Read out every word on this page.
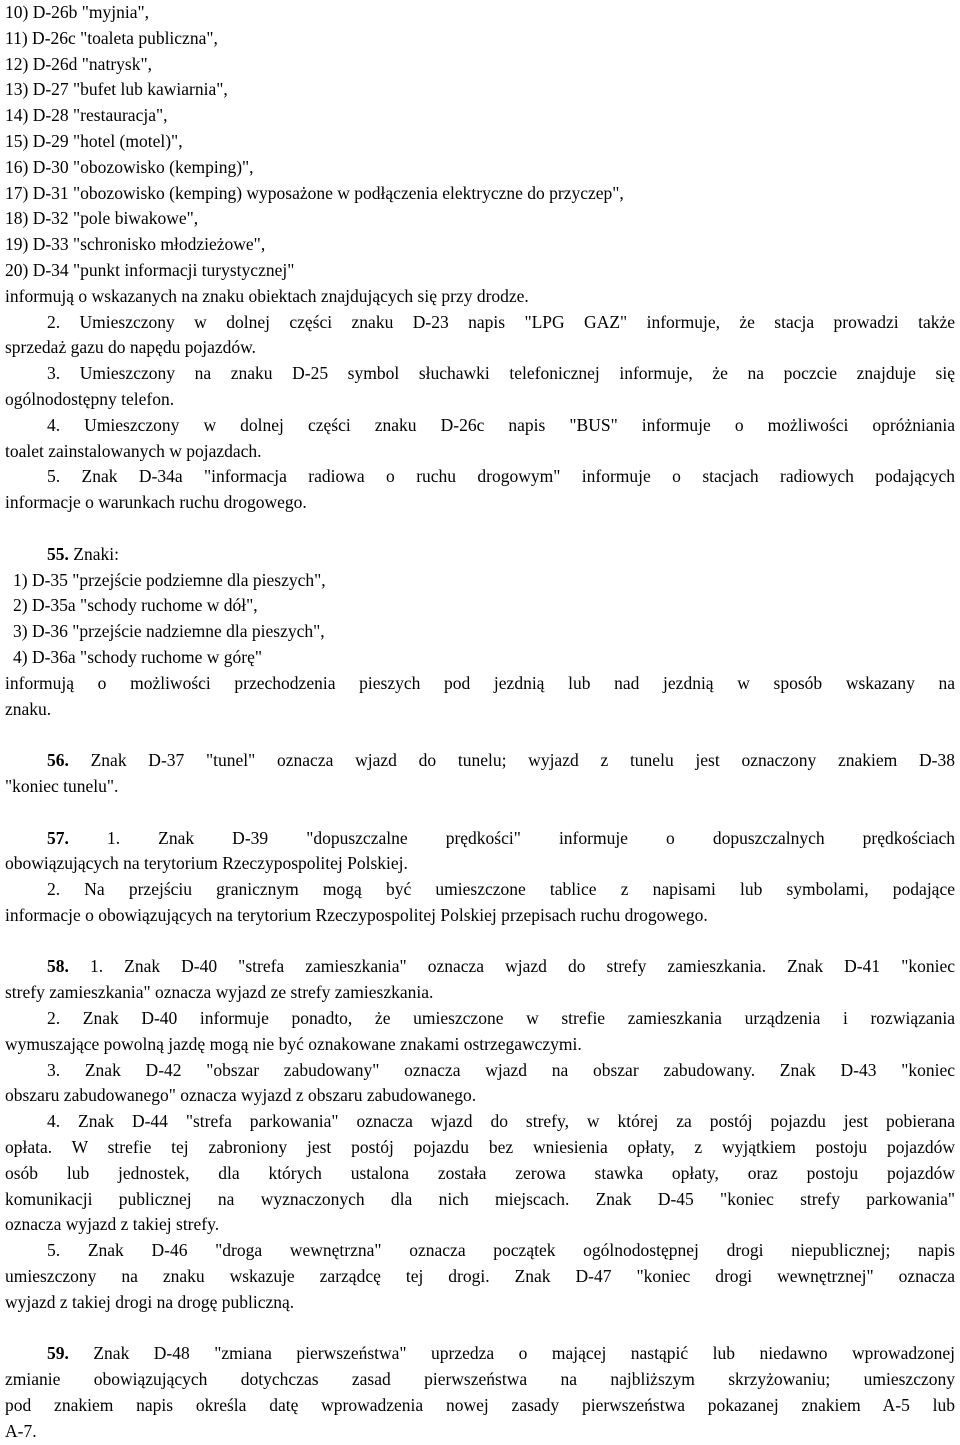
10) D-26b "myjnia",
11) D-26c "toaleta publiczna",
12) D-26d "natrysk",
13) D-27 "bufet lub kawiarnia",
14) D-28 "restauracja",
15) D-29 "hotel (motel)",
16) D-30 "obozowisko (kemping)",
17) D-31 "obozowisko (kemping) wyposażone w podłączenia elektryczne do przyczep",
18) D-32 "pole biwakowe",
19) D-33 "schronisko młodzieżowe",
20) D-34 "punkt informacji turystycznej"
informują o wskazanych na znaku obiektach znajdujących się przy drodze.
2. Umieszczony w dolnej części znaku D-23 napis "LPG GAZ" informuje, że stacja prowadzi także
sprzedaż gazu do napędu pojazdów.
3. Umieszczony na znaku D-25 symbol słuchawki telefonicznej informuje, że na poczcie znajduje się
ogólnodostępny telefon.
4. Umieszczony w dolnej części znaku D-26c napis "BUS" informuje o możliwości opróżniania
toalet zainstalowanych w pojazdach.
5. Znak D-34a "informacja radiowa o ruchu drogowym" informuje o stacjach radiowych podających
informacje o warunkach ruchu drogowego.
55. Znaki:
1) D-35 "przejście podziemne dla pieszych",
2) D-35a "schody ruchome w dół",
3) D-36 "przejście nadziemne dla pieszych",
4) D-36a "schody ruchome w górę"
informują o możliwości przechodzenia pieszych pod jezdnią lub nad jezdnią w sposób wskazany na
znaku.
56. Znak D-37 "tunel" oznacza wjazd do tunelu; wyjazd z tunelu jest oznaczony znakiem D-38
"koniec tunelu".
57. 1. Znak D-39 "dopuszczalne prędkości" informuje o dopuszczalnych prędkościach
obowiązujących na terytorium Rzeczypospolitej Polskiej.
2. Na przejściu granicznym mogą być umieszczone tablice z napisami lub symbolami, podające
informacje o obowiązujących na terytorium Rzeczypospolitej Polskiej przepisach ruchu drogowego.
58. 1. Znak D-40 "strefa zamieszkania" oznacza wjazd do strefy zamieszkania. Znak D-41 "koniec
strefy zamieszkania" oznacza wyjazd ze strefy zamieszkania.
2. Znak D-40 informuje ponadto, że umieszczone w strefie zamieszkania urządzenia i rozwiązania
wymuszające powolną jazdę mogą nie być oznakowane znakami ostrzegawczymi.
3. Znak D-42 "obszar zabudowany" oznacza wjazd na obszar zabudowany. Znak D-43 "koniec
obszaru zabudowanego" oznacza wyjazd z obszaru zabudowanego.
4. Znak D-44 "strefa parkowania" oznacza wjazd do strefy, w której za postój pojazdu jest pobierana
opłata. W strefie tej zabroniony jest postój pojazdu bez wniesienia opłaty, z wyjątkiem postoju pojazdów
osób lub jednostek, dla których ustalona została zerowa stawka opłaty, oraz postoju pojazdów
komunikacji publicznej na wyznaczonych dla nich miejscach. Znak D-45 "koniec strefy parkowania"
oznacza wyjazd z takiej strefy.
5. Znak D-46 "droga wewnętrzna" oznacza początek ogólnodostępnej drogi niepublicznej; napis
umieszczony na znaku wskazuje zarządcę tej drogi. Znak D-47 "koniec drogi wewnętrznej" oznacza
wyjazd z takiej drogi na drogę publiczną.
59. Znak D-48 "zmiana pierwszeństwa" uprzedza o mającej nastąpić lub niedawno wprowadzonej
zmianie obowiązujących dotychczas zasad pierwszeństwa na najbliższym skrzyżowaniu; umieszczony
pod znakiem napis określa datę wprowadzenia nowej zasady pierwszeństwa pokazanej znakiem A-5 lub
A-7.
